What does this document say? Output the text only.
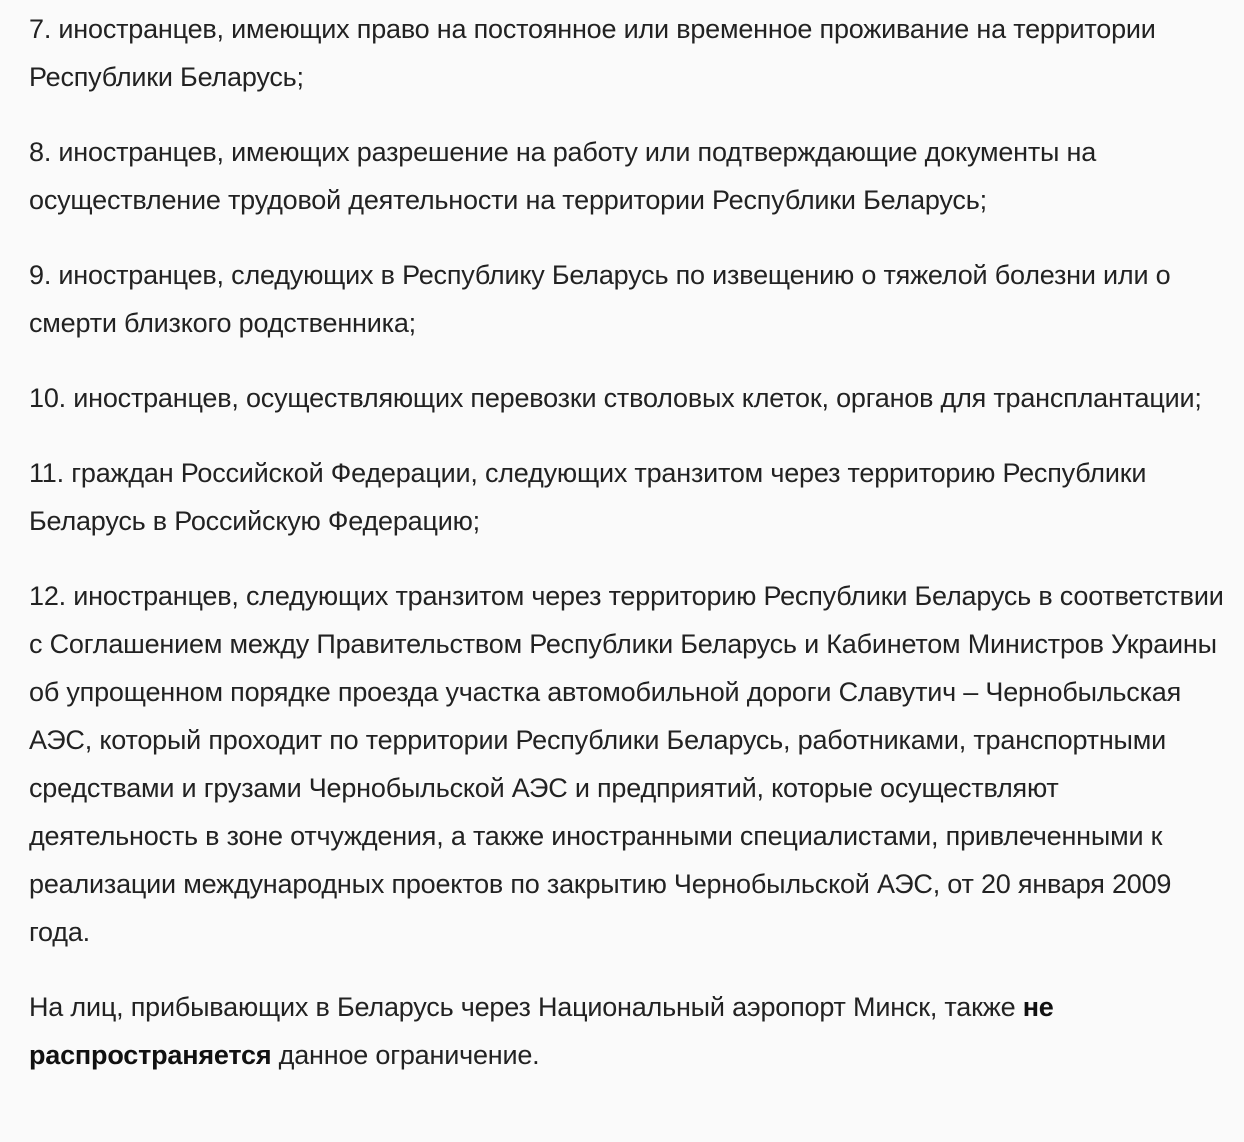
7. иностранцев, имеющих право на постоянное или временное проживание на территории Республики Беларусь;

8. иностранцев, имеющих разрешение на работу или подтверждающие документы на осуществление трудовой деятельности на территории Республики Беларусь;

9. иностранцев, следующих в Республику Беларусь по извещению о тяжелой болезни или о смерти близкого родственника;

10. иностранцев, осуществляющих перевозки стволовых клеток, органов для трансплантации;

11. граждан Российской Федерации, следующих транзитом через территорию Республики Беларусь в Российскую Федерацию;

12. иностранцев, следующих транзитом через территорию Республики Беларусь в соответствии с Соглашением между Правительством Республики Беларусь и Кабинетом Министров Украины об упрощенном порядке проезда участка автомобильной дороги Славутич – Чернобыльская АЭС, который проходит по территории Республики Беларусь, работниками, транспортными средствами и грузами Чернобыльской АЭС и предприятий, которые осуществляют деятельность в зоне отчуждения, а также иностранными специалистами, привлеченными к реализации международных проектов по закрытию Чернобыльской АЭС, от 20 января 2009 года.

На лиц, прибывающих в Беларусь через Национальный аэропорт Минск, также не распространяется данное ограничение.
